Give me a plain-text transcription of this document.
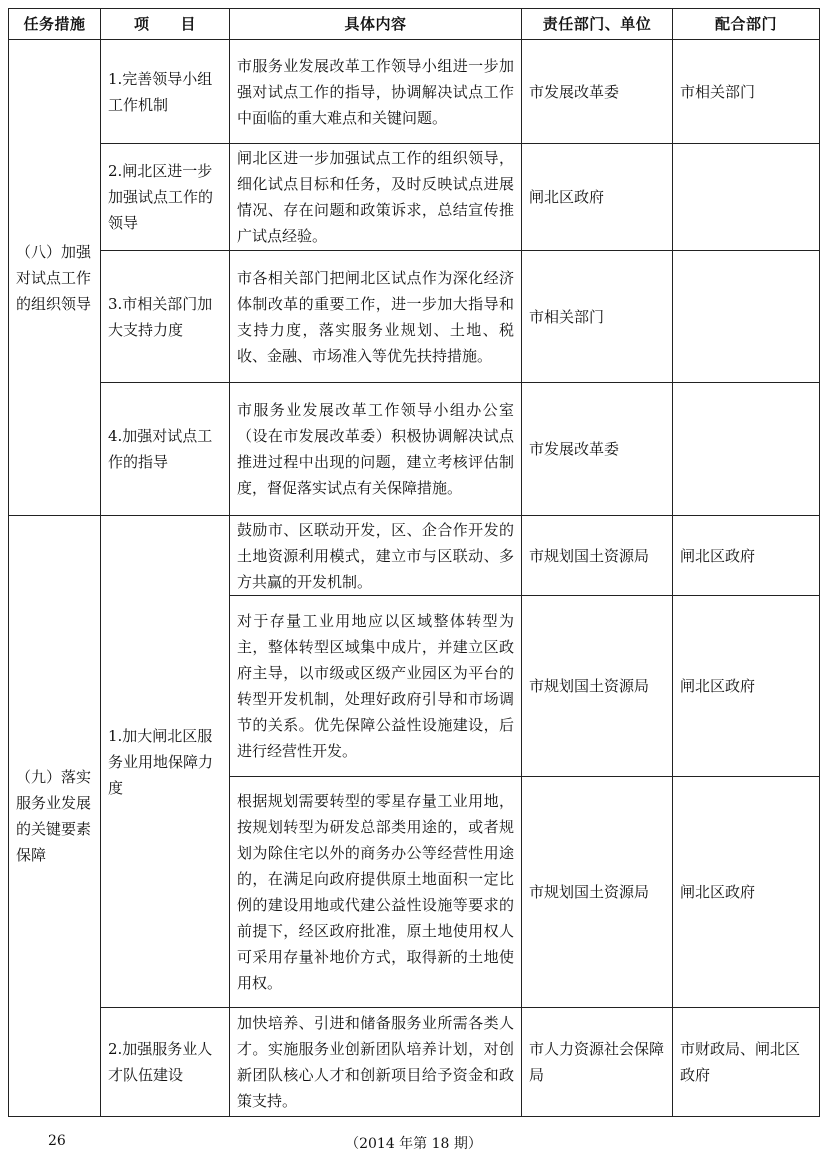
任务措施	项　　目	具体内容	责任部门、单位	配合部门
（八）加强对试点工作的组织领导	1.完善领导小组工作机制	市服务业发展改革工作领导小组进一步加强对试点工作的指导，协调解决试点工作中面临的重大难点和关键问题。	市发展改革委	市相关部门
	2.闸北区进一步加强试点工作的领导	闸北区进一步加强试点工作的组织领导，细化试点目标和任务，及时反映试点进展情况、存在问题和政策诉求，总结宣传推广试点经验。	闸北区政府	
	3.市相关部门加大支持力度	市各相关部门把闸北区试点作为深化经济体制改革的重要工作，进一步加大指导和支持力度，落实服务业规划、土地、税收、金融、市场准入等优先扶持措施。	市相关部门	
	4.加强对试点工作的指导	市服务业发展改革工作领导小组办公室（设在市发展改革委）积极协调解决试点推进过程中出现的问题，建立考核评估制度，督促落实试点有关保障措施。	市发展改革委	
（九）落实服务业发展的关键要素保障	1.加大闸北区服务业用地保障力度	鼓励市、区联动开发，区、企合作开发的土地资源利用模式，建立市与区联动、多方共赢的开发机制。	市规划国土资源局	闸北区政府
		对于存量工业用地应以区域整体转型为主，整体转型区域集中成片，并建立区政府主导，以市级或区级产业园区为平台的转型开发机制，处理好政府引导和市场调节的关系。优先保障公益性设施建设，后进行经营性开发。	市规划国土资源局	闸北区政府
		根据规划需要转型的零星存量工业用地，按规划转型为研发总部类用途的，或者规划为除住宅以外的商务办公等经营性用途的，在满足向政府提供原土地面积一定比例的建设用地或代建公益性设施等要求的前提下，经区政府批准，原土地使用权人可采用存量补地价方式，取得新的土地使用权。	市规划国土资源局	闸北区政府
	2.加强服务业人才队伍建设	加快培养、引进和储备服务业所需各类人才。实施服务业创新团队培养计划，对创新团队核心人才和创新项目给予资金和政策支持。	市人力资源社会保障局	市财政局、闸北区政府
26	（2014 年第 18 期）
